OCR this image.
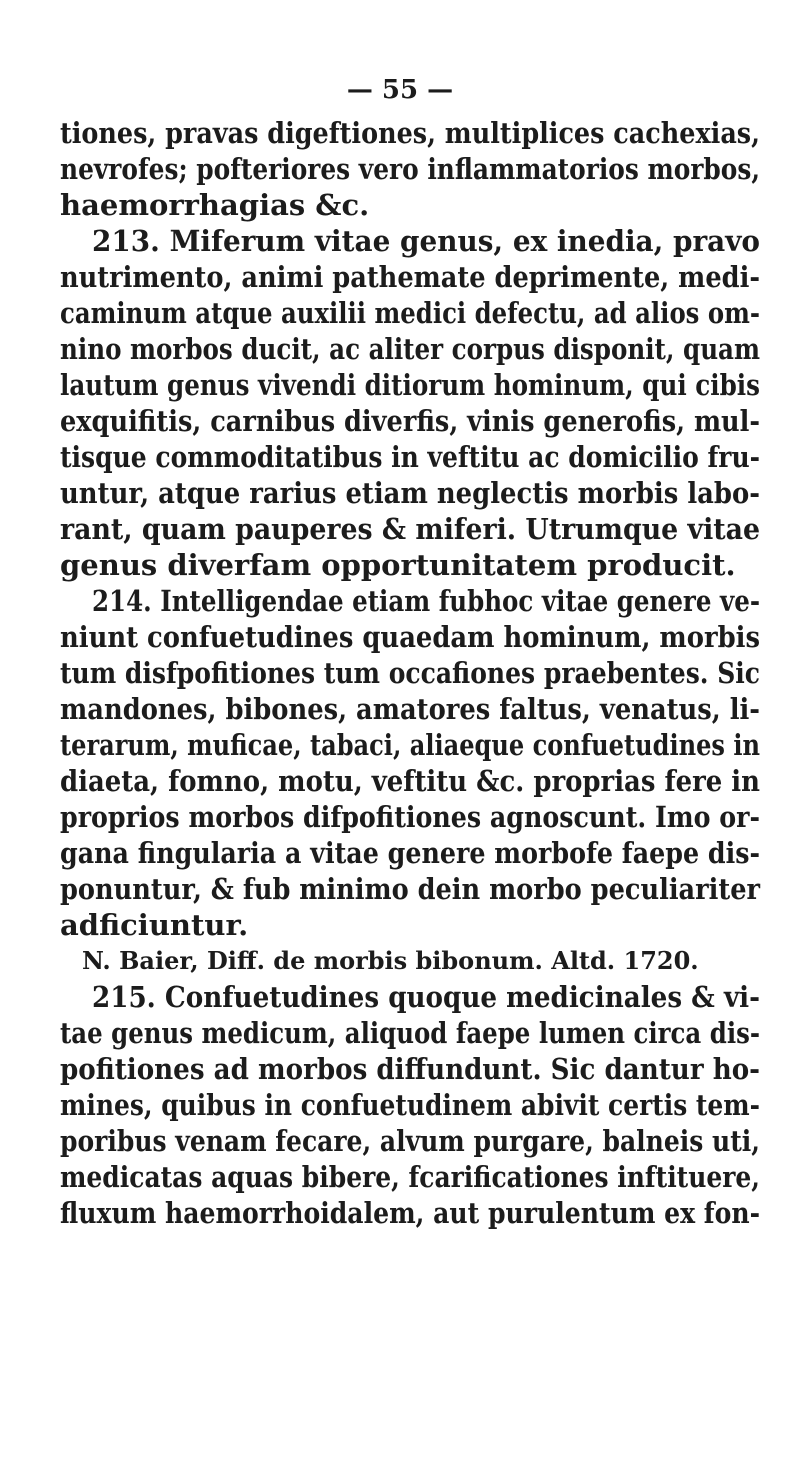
— 55 —
tiones, pravas digeftiones, multiplices cachexias,
nevrofes; pofteriores vero inflammatorios morbos,
haemorrhagias &c.
213. Miferum vitae genus, ex inedia, pravo
nutrimento, animi pathemate deprimente, medi-
caminum atque auxilii medici defectu, ad alios om-
nino morbos ducit, ac aliter corpus disponit, quam
lautum genus vivendi ditiorum hominum, qui cibis
exquifitis, carnibus diverfis, vinis generofis, mul-
tisque commoditatibus in veftitu ac domicilio fru-
untur, atque rarius etiam neglectis morbis labo-
rant, quam pauperes & miferi. Utrumque vitae
genus diverfam opportunitatem producit.
214. Intelligendae etiam fubhoc vitae genere ve-
niunt confuetudines quaedam hominum, morbis
tum disfpofitiones tum occafiones praebentes. Sic
mandones, bibones, amatores faltus, venatus, li-
terarum, muficae, tabaci, aliaeque confuetudines in
diaeta, fomno, motu, veftitu &c. proprias fere in
proprios morbos difpofitiones agnoscunt. Imo or-
gana fingularia a vitae genere morbofe faepe dis-
ponuntur, & fub minimo dein morbo peculiariter
adficiuntur.
N. Baier, Diff. de morbis bibonum. Altd. 1720.
215. Confuetudines quoque medicinales & vi-
tae genus medicum, aliquod faepe lumen circa dis-
pofitiones ad morbos diffundunt. Sic dantur ho-
mines, quibus in confuetudinem abivit certis tem-
poribus venam fecare, alvum purgare, balneis uti,
medicatas aquas bibere, fcarificationes inftituere,
fluxum haemorrhoidalem, aut purulentum ex fon-
